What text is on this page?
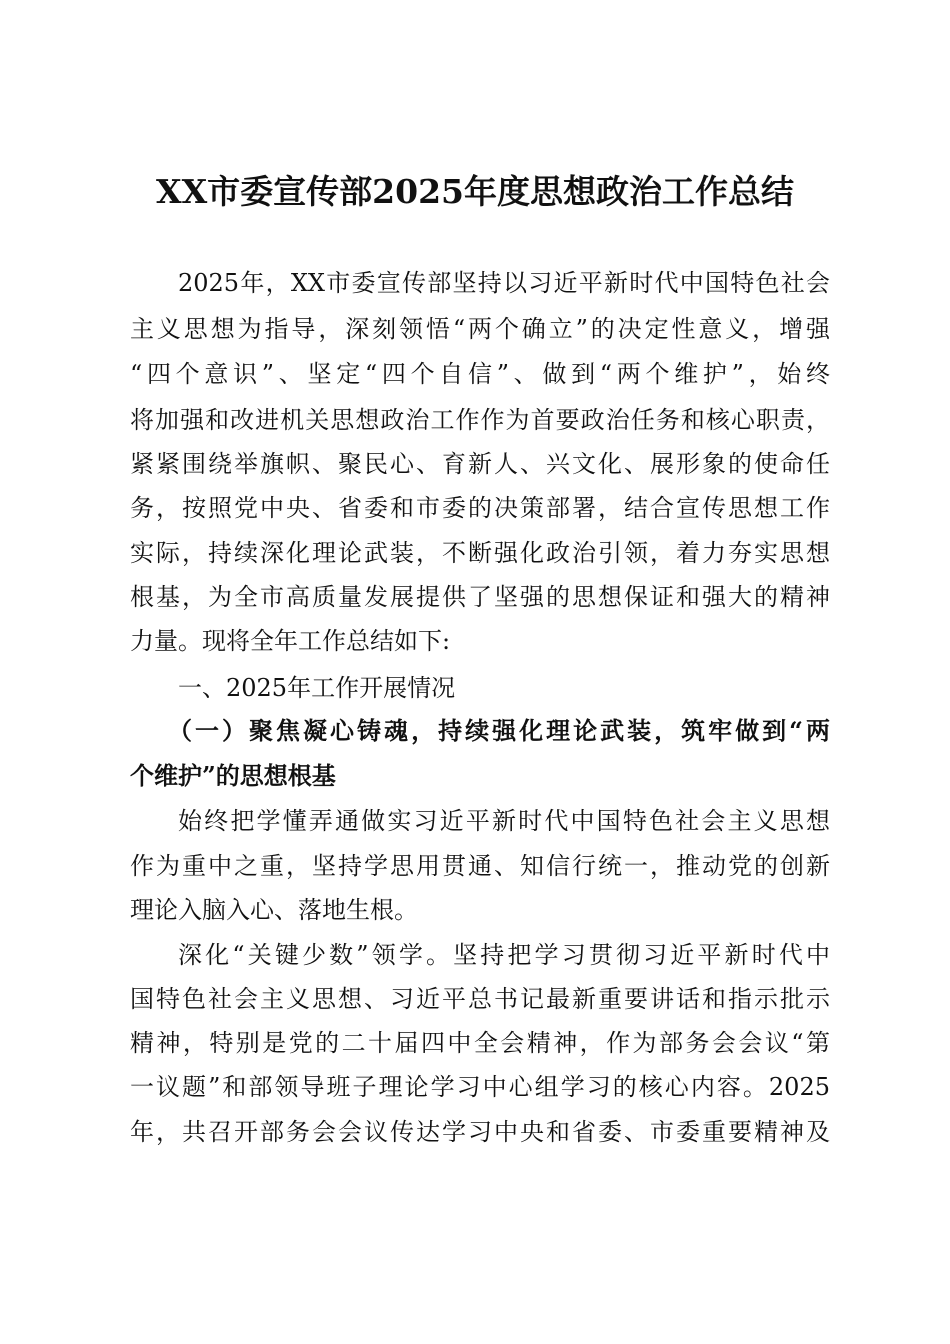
XX市委宣传部2025年度思想政治工作总结
2025年，XX市委宣传部坚持以习近平新时代中国特色社会
主义思想为指导，深刻领悟“两个确立”的决定性意义，增强
“四个意识”、坚定“四个自信”、做到“两个维护”，始终
将加强和改进机关思想政治工作作为首要政治任务和核心职责，
紧紧围绕举旗帜、聚民心、育新人、兴文化、展形象的使命任
务，按照党中央、省委和市委的决策部署，结合宣传思想工作
实际，持续深化理论武装，不断强化政治引领，着力夯实思想
根基，为全市高质量发展提供了坚强的思想保证和强大的精神
力量。现将全年工作总结如下:
一、2025年工作开展情况
（一）聚焦凝心铸魂，持续强化理论武装，筑牢做到“两
个维护”的思想根基
始终把学懂弄通做实习近平新时代中国特色社会主义思想
作为重中之重，坚持学思用贯通、知信行统一，推动党的创新
理论入脑入心、落地生根。
深化“关键少数”领学。坚持把学习贯彻习近平新时代中
国特色社会主义思想、习近平总书记最新重要讲话和指示批示
精神，特别是党的二十届四中全会精神，作为部务会会议“第
一议题”和部领导班子理论学习中心组学习的核心内容。2025
年，共召开部务会会议传达学习中央和省委、市委重要精神及
